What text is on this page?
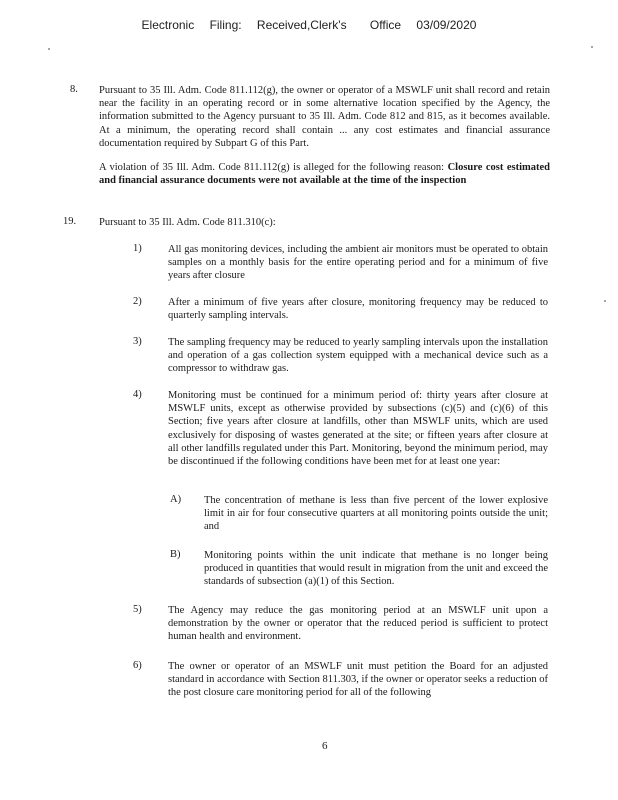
Electronic Filing: Received,Clerk's Office 03/09/2020
8. Pursuant to 35 Ill. Adm. Code 811.112(g), the owner or operator of a MSWLF unit shall record and retain near the facility in an operating record or in some alternative location specified by the Agency, the information submitted to the Agency pursuant to 35 Ill. Adm. Code 812 and 815, as it becomes available. At a minimum, the operating record shall contain ... any cost estimates and financial assurance documentation required by Subpart G of this Part.
A violation of 35 Ill. Adm. Code 811.112(g) is alleged for the following reason: Closure cost estimated and financial assurance documents were not available at the time of the inspection
19. Pursuant to 35 Ill. Adm. Code 811.310(c):
1)	All gas monitoring devices, including the ambient air monitors must be operated to obtain samples on a monthly basis for the entire operating period and for a minimum of five years after closure
2)	After a minimum of five years after closure, monitoring frequency may be reduced to quarterly sampling intervals.
3)	The sampling frequency may be reduced to yearly sampling intervals upon the installation and operation of a gas collection system equipped with a mechanical device such as a compressor to withdraw gas.
4)	Monitoring must be continued for a minimum period of: thirty years after closure at MSWLF units, except as otherwise provided by subsections (c)(5) and (c)(6) of this Section; five years after closure at landfills, other than MSWLF units, which are used exclusively for disposing of wastes generated at the site; or fifteen years after closure at all other landfills regulated under this Part. Monitoring, beyond the minimum period, may be discontinued if the following conditions have been met for at least one year:
A) The concentration of methane is less than five percent of the lower explosive limit in air for four consecutive quarters at all monitoring points outside the unit; and
B) Monitoring points within the unit indicate that methane is no longer being produced in quantities that would result in migration from the unit and exceed the standards of subsection (a)(1) of this Section.
5)	The Agency may reduce the gas monitoring period at an MSWLF unit upon a demonstration by the owner or operator that the reduced period is sufficient to protect human health and environment.
6)	The owner or operator of an MSWLF unit must petition the Board for an adjusted standard in accordance with Section 811.303, if the owner or operator seeks a reduction of the post closure care monitoring period for all of the following
6
